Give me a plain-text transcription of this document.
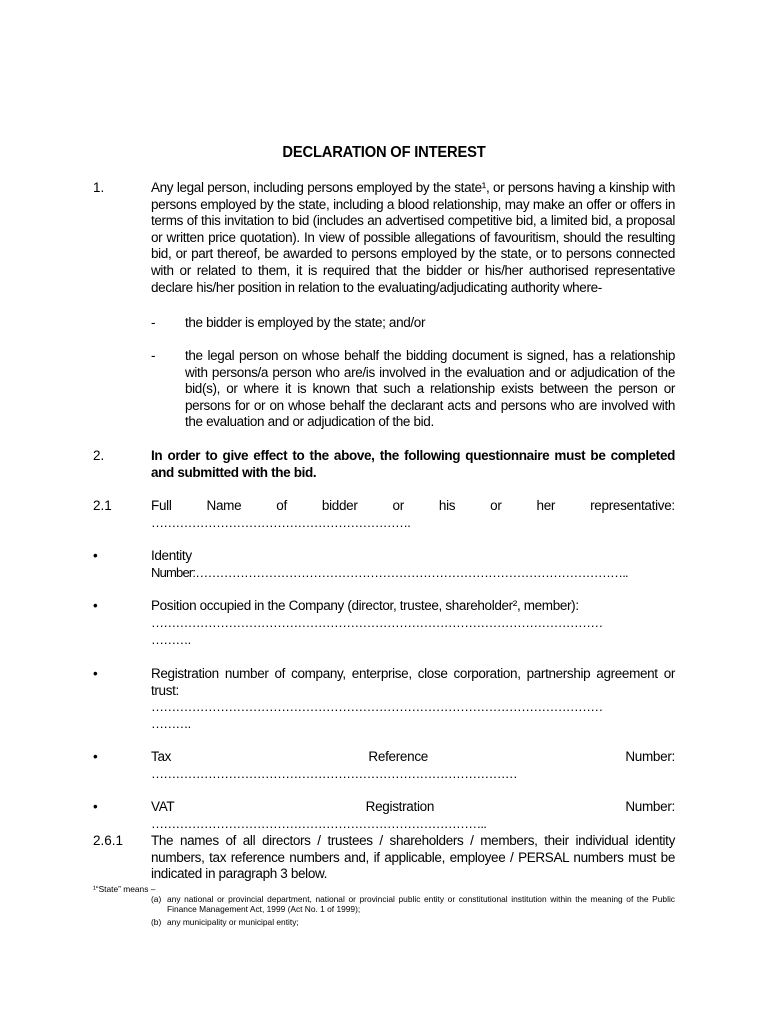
DECLARATION OF INTEREST
1.	Any legal person, including persons employed by the state¹, or persons having a kinship with persons employed by the state, including a blood relationship, may make an offer or offers in terms of this invitation to bid (includes an advertised competitive bid, a limited bid, a proposal or written price quotation). In view of possible allegations of favouritism, should the resulting bid, or part thereof, be awarded to persons employed by the state, or to persons connected with or related to them, it is required that the bidder or his/her authorised representative declare his/her position in relation to the evaluating/adjudicating authority where-
- the bidder is employed by the state; and/or
- the legal person on whose behalf the bidding document is signed, has a relationship with persons/a person who are/is involved in the evaluation and or adjudication of the bid(s), or where it is known that such a relationship exists between the person or persons for or on whose behalf the declarant acts and persons who are involved with the evaluation and or adjudication of the bid.
2.	In order to give effect to the above, the following questionnaire must be completed and submitted with the bid.
2.1	Full	Name	of	bidder	or	his	or	her	representative:
……………………………………………………….
•	Identity
Number:……………………………………………………………………………………………..
•	Position occupied in the Company (director, trustee, shareholder², member):
…………………………………………………………………………………………………
……….
•	Registration number of company, enterprise, close corporation, partnership agreement or trust:
…………………………………………………………………………………………………
……….
•	Tax	Reference	Number:
………………………………………………………………………………
•	VAT	Registration	Number:
………………………………………………………………………..
2.6.1 The names of all directors / trustees / shareholders / members, their individual identity numbers, tax reference numbers and, if applicable, employee / PERSAL numbers must be indicated in paragraph 3 below.
¹“State” means –
(a) any national or provincial department, national or provincial public entity or constitutional institution within the meaning of the Public Finance Management Act, 1999 (Act No. 1 of 1999);
(b) any municipality or municipal entity;
